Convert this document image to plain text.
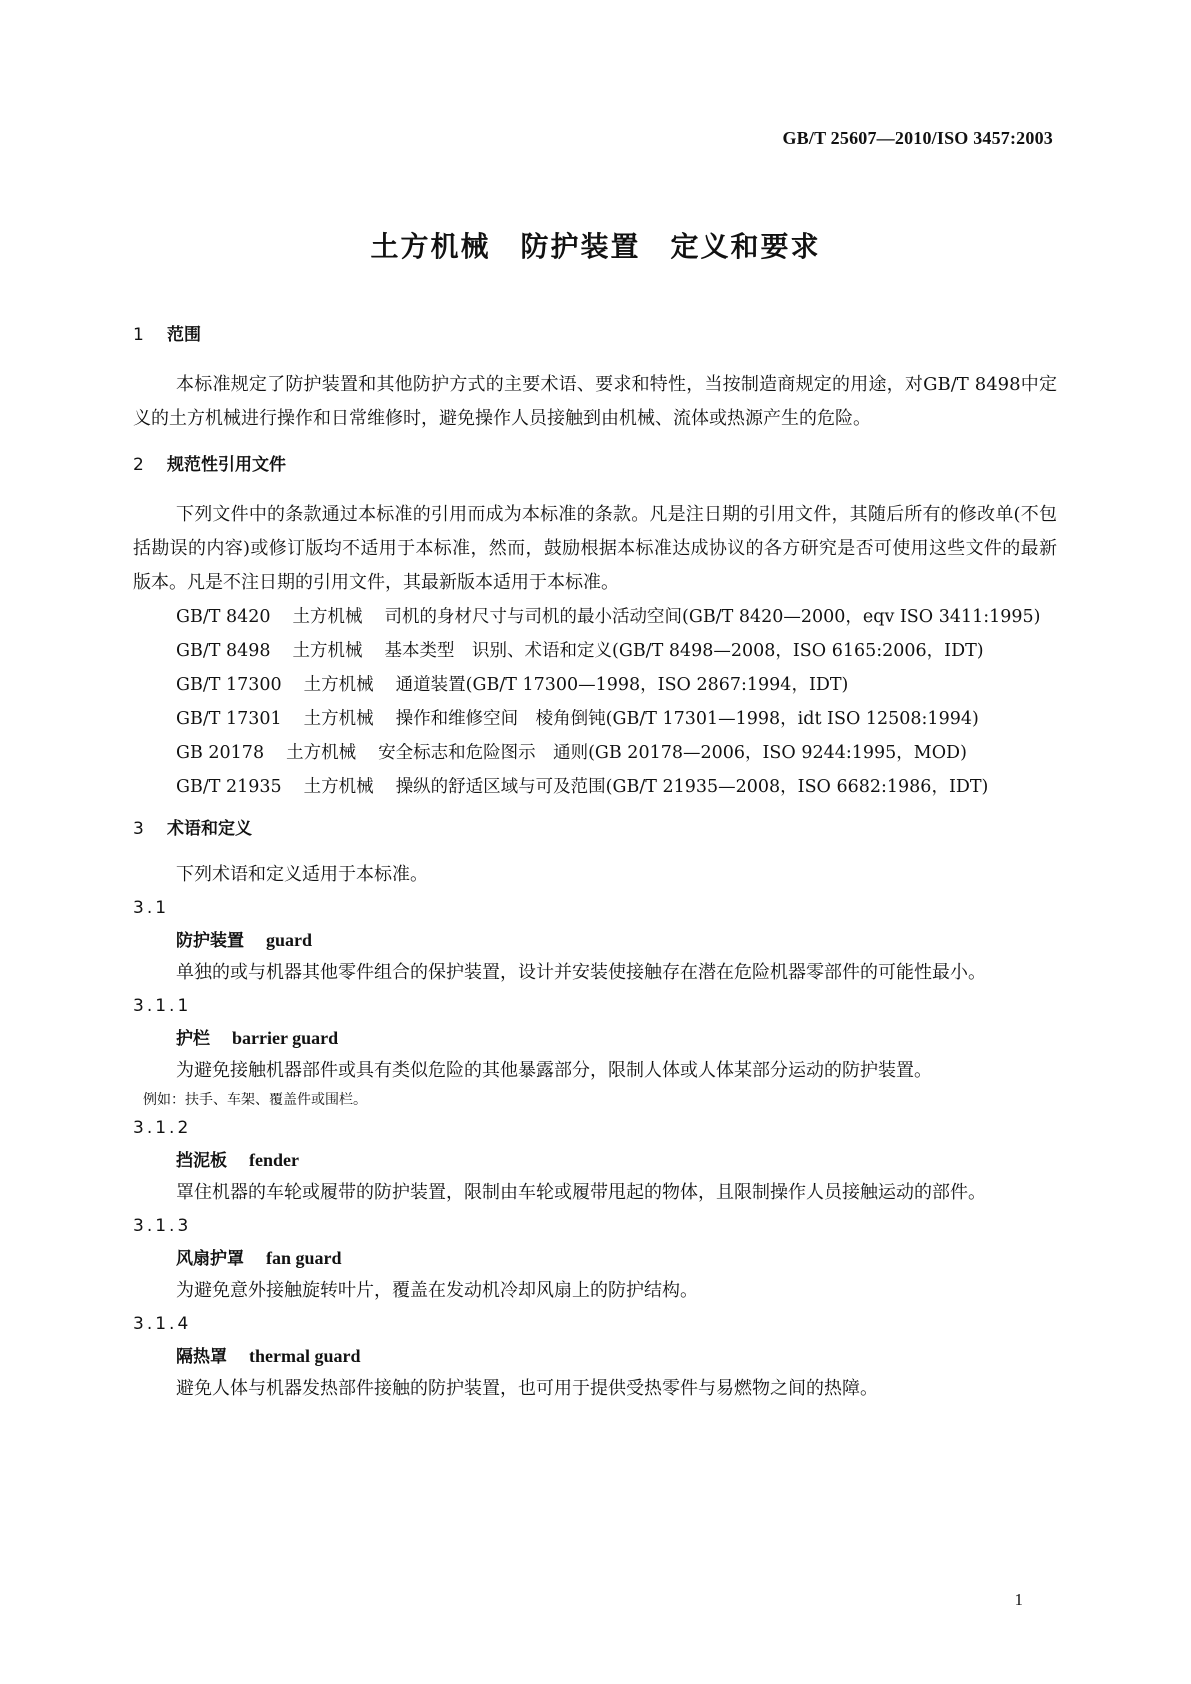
GB/T 25607—2010/ISO 3457:2003
土方机械　防护装置　定义和要求
1 范围

本标准规定了防护装置和其他防护方式的主要术语、要求和特性，当按制造商规定的用途，对GB/T 8498中定义的土方机械进行操作和日常维修时，避免操作人员接触到由机械、流体或热源产生的危险。

2 规范性引用文件

下列文件中的条款通过本标准的引用而成为本标准的条款。凡是注日期的引用文件，其随后所有的修改单(不包括勘误的内容)或修订版均不适用于本标准，然而，鼓励根据本标准达成协议的各方研究是否可使用这些文件的最新版本。凡是不注日期的引用文件，其最新版本适用于本标准。

GB/T 8420 土方机械 司机的身材尺寸与司机的最小活动空间(GB/T 8420—2000，eqv ISO 3411:1995)

GB/T 8498 土方机械 基本类型　识别、术语和定义(GB/T 8498—2008，ISO 6165:2006，IDT)

GB/T 17300 土方机械 通道装置(GB/T 17300—1998，ISO 2867:1994，IDT)

GB/T 17301 土方机械 操作和维修空间　棱角倒钝(GB/T 17301—1998，idt ISO 12508:1994)

GB 20178 土方机械 安全标志和危险图示　通则(GB 20178—2006，ISO 9244:1995，MOD)

GB/T 21935 土方机械 操纵的舒适区域与可及范围(GB/T 21935—2008，ISO 6682:1986，IDT)

3 术语和定义

下列术语和定义适用于本标准。

3.1

防护装置 guard

单独的或与机器其他零件组合的保护装置，设计并安装使接触存在潜在危险机器零部件的可能性最小。

3.1.1

护栏 barrier guard

为避免接触机器部件或具有类似危险的其他暴露部分，限制人体或人体某部分运动的防护装置。

例如：扶手、车架、覆盖件或围栏。

3.1.2

挡泥板 fender

罩住机器的车轮或履带的防护装置，限制由车轮或履带甩起的物体，且限制操作人员接触运动的部件。

3.1.3

风扇护罩 fan guard

为避免意外接触旋转叶片，覆盖在发动机冷却风扇上的防护结构。

3.1.4

隔热罩 thermal guard

避免人体与机器发热部件接触的防护装置，也可用于提供受热零件与易燃物之间的热障。

1
